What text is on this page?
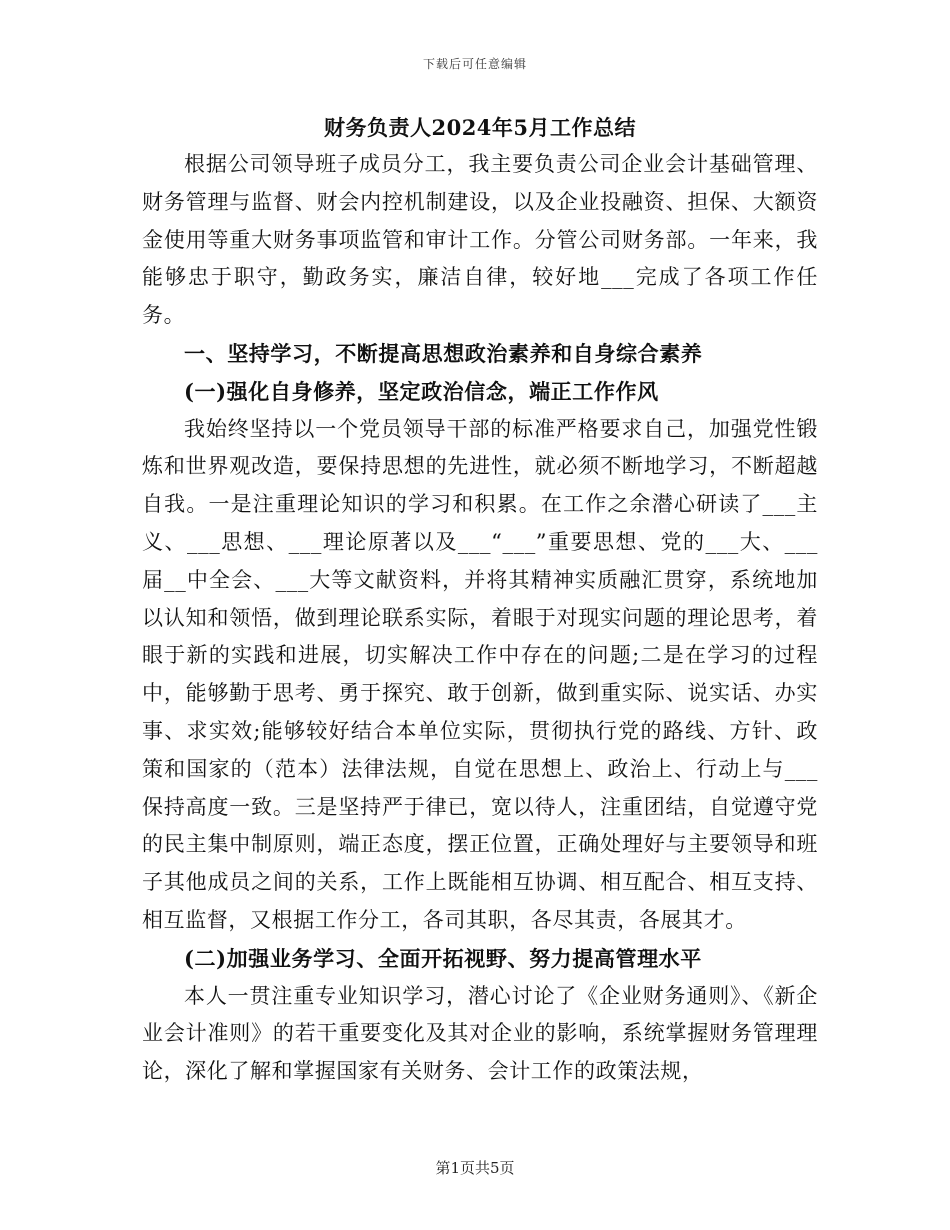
下载后可任意编辑
财务负责人2024年5月工作总结

根据公司领导班子成员分工，我主要负责公司企业会计基础管理、财务管理与监督、财会内控机制建设，以及企业投融资、担保、大额资金使用等重大财务事项监管和审计工作。分管公司财务部。一年来，我能够忠于职守，勤政务实，廉洁自律，较好地___完成了各项工作任务。

一、坚持学习，不断提高思想政治素养和自身综合素养

(一)强化自身修养，坚定政治信念，端正工作作风

我始终坚持以一个党员领导干部的标准严格要求自己，加强党性锻炼和世界观改造，要保持思想的先进性，就必须不断地学习，不断超越自我。一是注重理论知识的学习和积累。在工作之余潜心研读了___主义、___思想、___理论原著以及___“___”重要思想、党的___大、___届__中全会、___大等文献资料，并将其精神实质融汇贯穿，系统地加以认知和领悟，做到理论联系实际，着眼于对现实问题的理论思考，着眼于新的实践和进展，切实解决工作中存在的问题;二是在学习的过程中，能够勤于思考、勇于探究、敢于创新，做到重实际、说实话、办实事、求实效;能够较好结合本单位实际，贯彻执行党的路线、方针、政策和国家的（范本）法律法规，自觉在思想上、政治上、行动上与___保持高度一致。三是坚持严于律已，宽以待人，注重团结，自觉遵守党的民主集中制原则，端正态度，摆正位置，正确处理好与主要领导和班子其他成员之间的关系，工作上既能相互协调、相互配合、相互支持、相互监督，又根据工作分工，各司其职，各尽其责，各展其才。

(二)加强业务学习、全面开拓视野、努力提高管理水平

本人一贯注重专业知识学习，潜心讨论了《企业财务通则》、《新企业会计准则》的若干重要变化及其对企业的影响，系统掌握财务管理理论，深化了解和掌握国家有关财务、会计工作的政策法规，

第1页共5页
